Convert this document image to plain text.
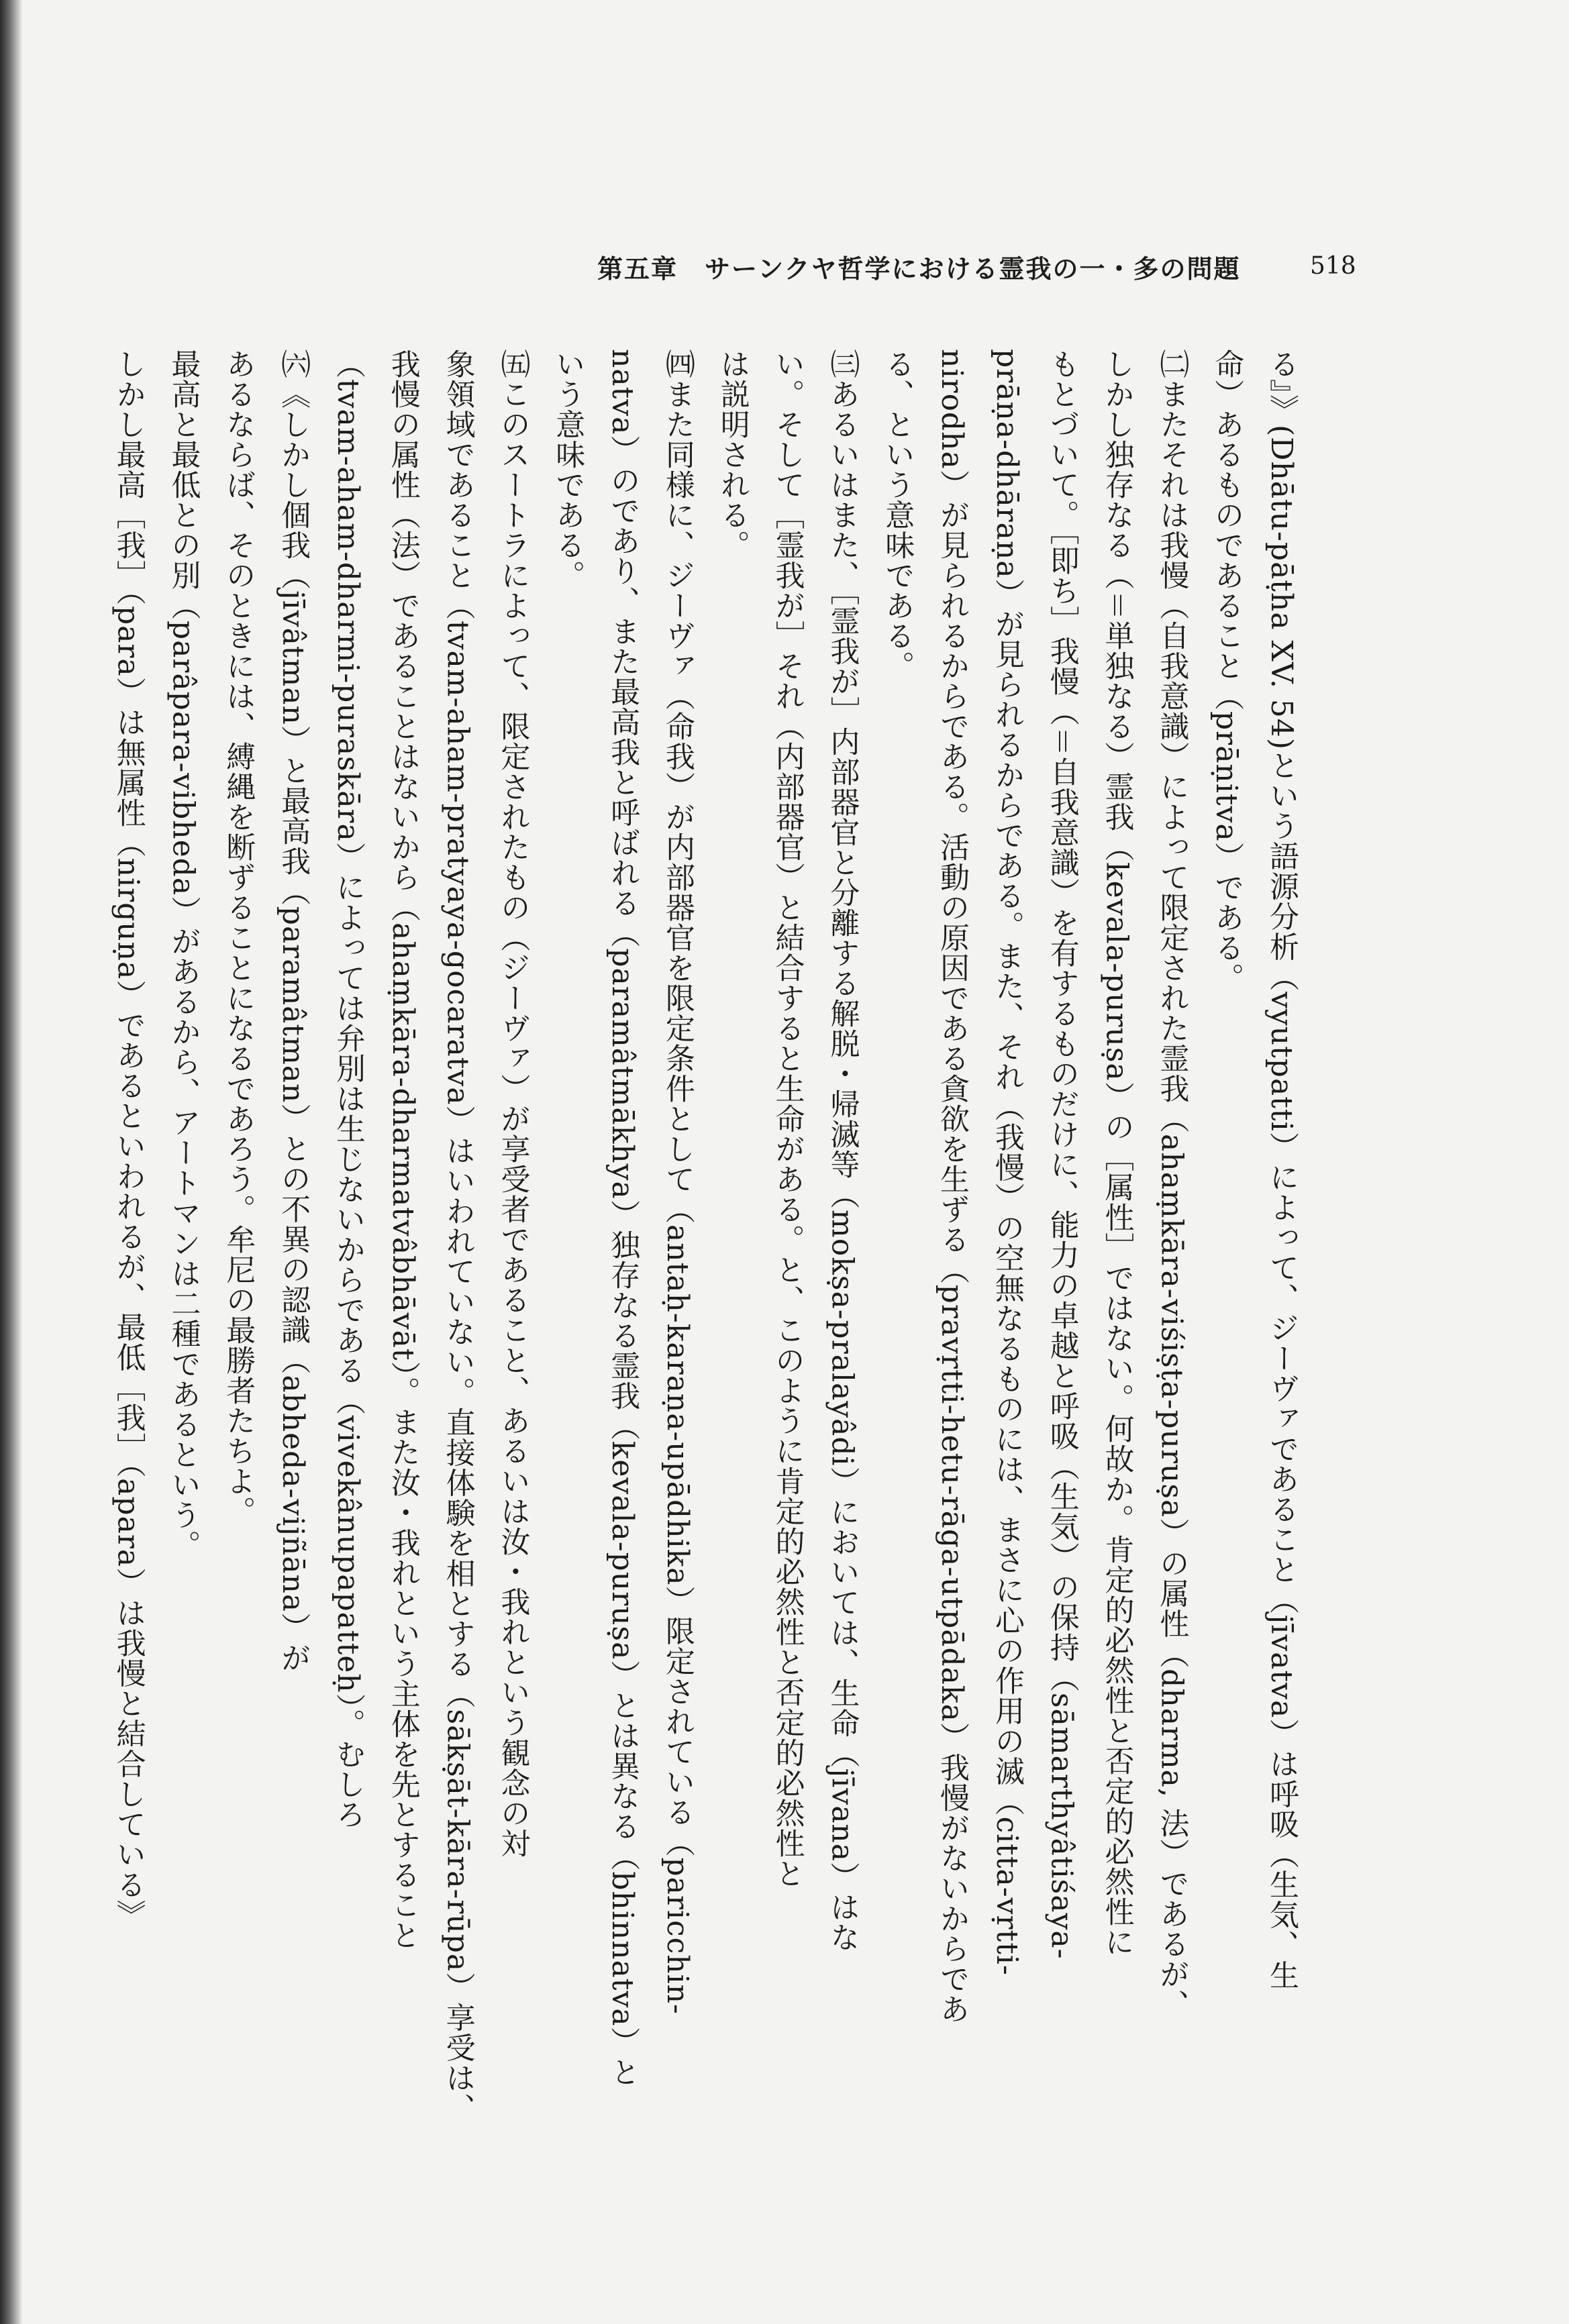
第五章　サーンクヤ哲学における霊我の一・多の問題	518

る』》(Dhātu-pāṭha XV. 54)という語源分析（vyutpatti）によって、ジーヴァであること（jīvatva）は呼吸（生気、生

命）あるものであること（prāṇitva）である。

㈡またそれは我慢（自我意識）によって限定された霊我（ahaṃkāra-viśiṣṭa-puruṣa）の属性（dharma, 法）であるが、

しかし独存なる（＝単独なる）霊我（kevala-puruṣa）の［属性］ではない。何故か。肯定的必然性と否定的必然性に

もとづいて。［即ち］我慢（＝自我意識）を有するものだけに、能力の卓越と呼吸（生気）の保持（sāmarthyâtiśaya-

prāṇa-dhāraṇa）が見られるからである。また、それ（我慢）の空無なるものには、まさに心の作用の滅（citta-vṛtti-

nirodha）が見られるからである。活動の原因である貪欲を生ずる（pravṛtti-hetu-rāga-utpādaka）我慢がないからであ

る、という意味である。

㈢あるいはまた、［霊我が］内部器官と分離する解脱・帰滅等（mokṣa-pralayâdi）においては、生命（jīvana）はな

い。そして［霊我が］それ（内部器官）と結合すると生命がある。と、このように肯定的必然性と否定的必然性と

は説明される。

㈣また同様に、ジーヴァ（命我）が内部器官を限定条件として（antaḥ-karaṇa-upādhika）限定されている（paricchin-

natva）のであり、また最高我と呼ばれる（paramâtmākhya）独存なる霊我（kevala-puruṣa）とは異なる（bhinnatva）と

いう意味である。

㈤このスートラによって、限定されたもの（ジーヴァ）が享受者であること、あるいは汝・我れという観念の対

象領域であること（tvam-aham-pratyaya-gocaratva）はいわれていない。直接体験を相とする（sākṣāt-kāra-rūpa）享受は、

我慢の属性（法）であることはないから（ahaṃkāra-dharmatvâbhāvāt）。また汝・我れという主体を先とすること

（tvam-aham-dharmi-puraskāra）によっては弁別は生じないからである（vivekânupapatteḥ）。むしろ

㈥《しかし個我（jīvâtman）と最高我（paramâtman）との不異の認識（abheda-vijñāna）が

あるならば、そのときには、縛縄を断ずることになるであろう。牟尼の最勝者たちよ。

最高と最低との別（parâpara-vibheda）があるから、アートマンは二種であるという。

しかし最高［我］（para）は無属性（nirguṇa）であるといわれるが、最低［我］（apara）は我慢と結合している》
